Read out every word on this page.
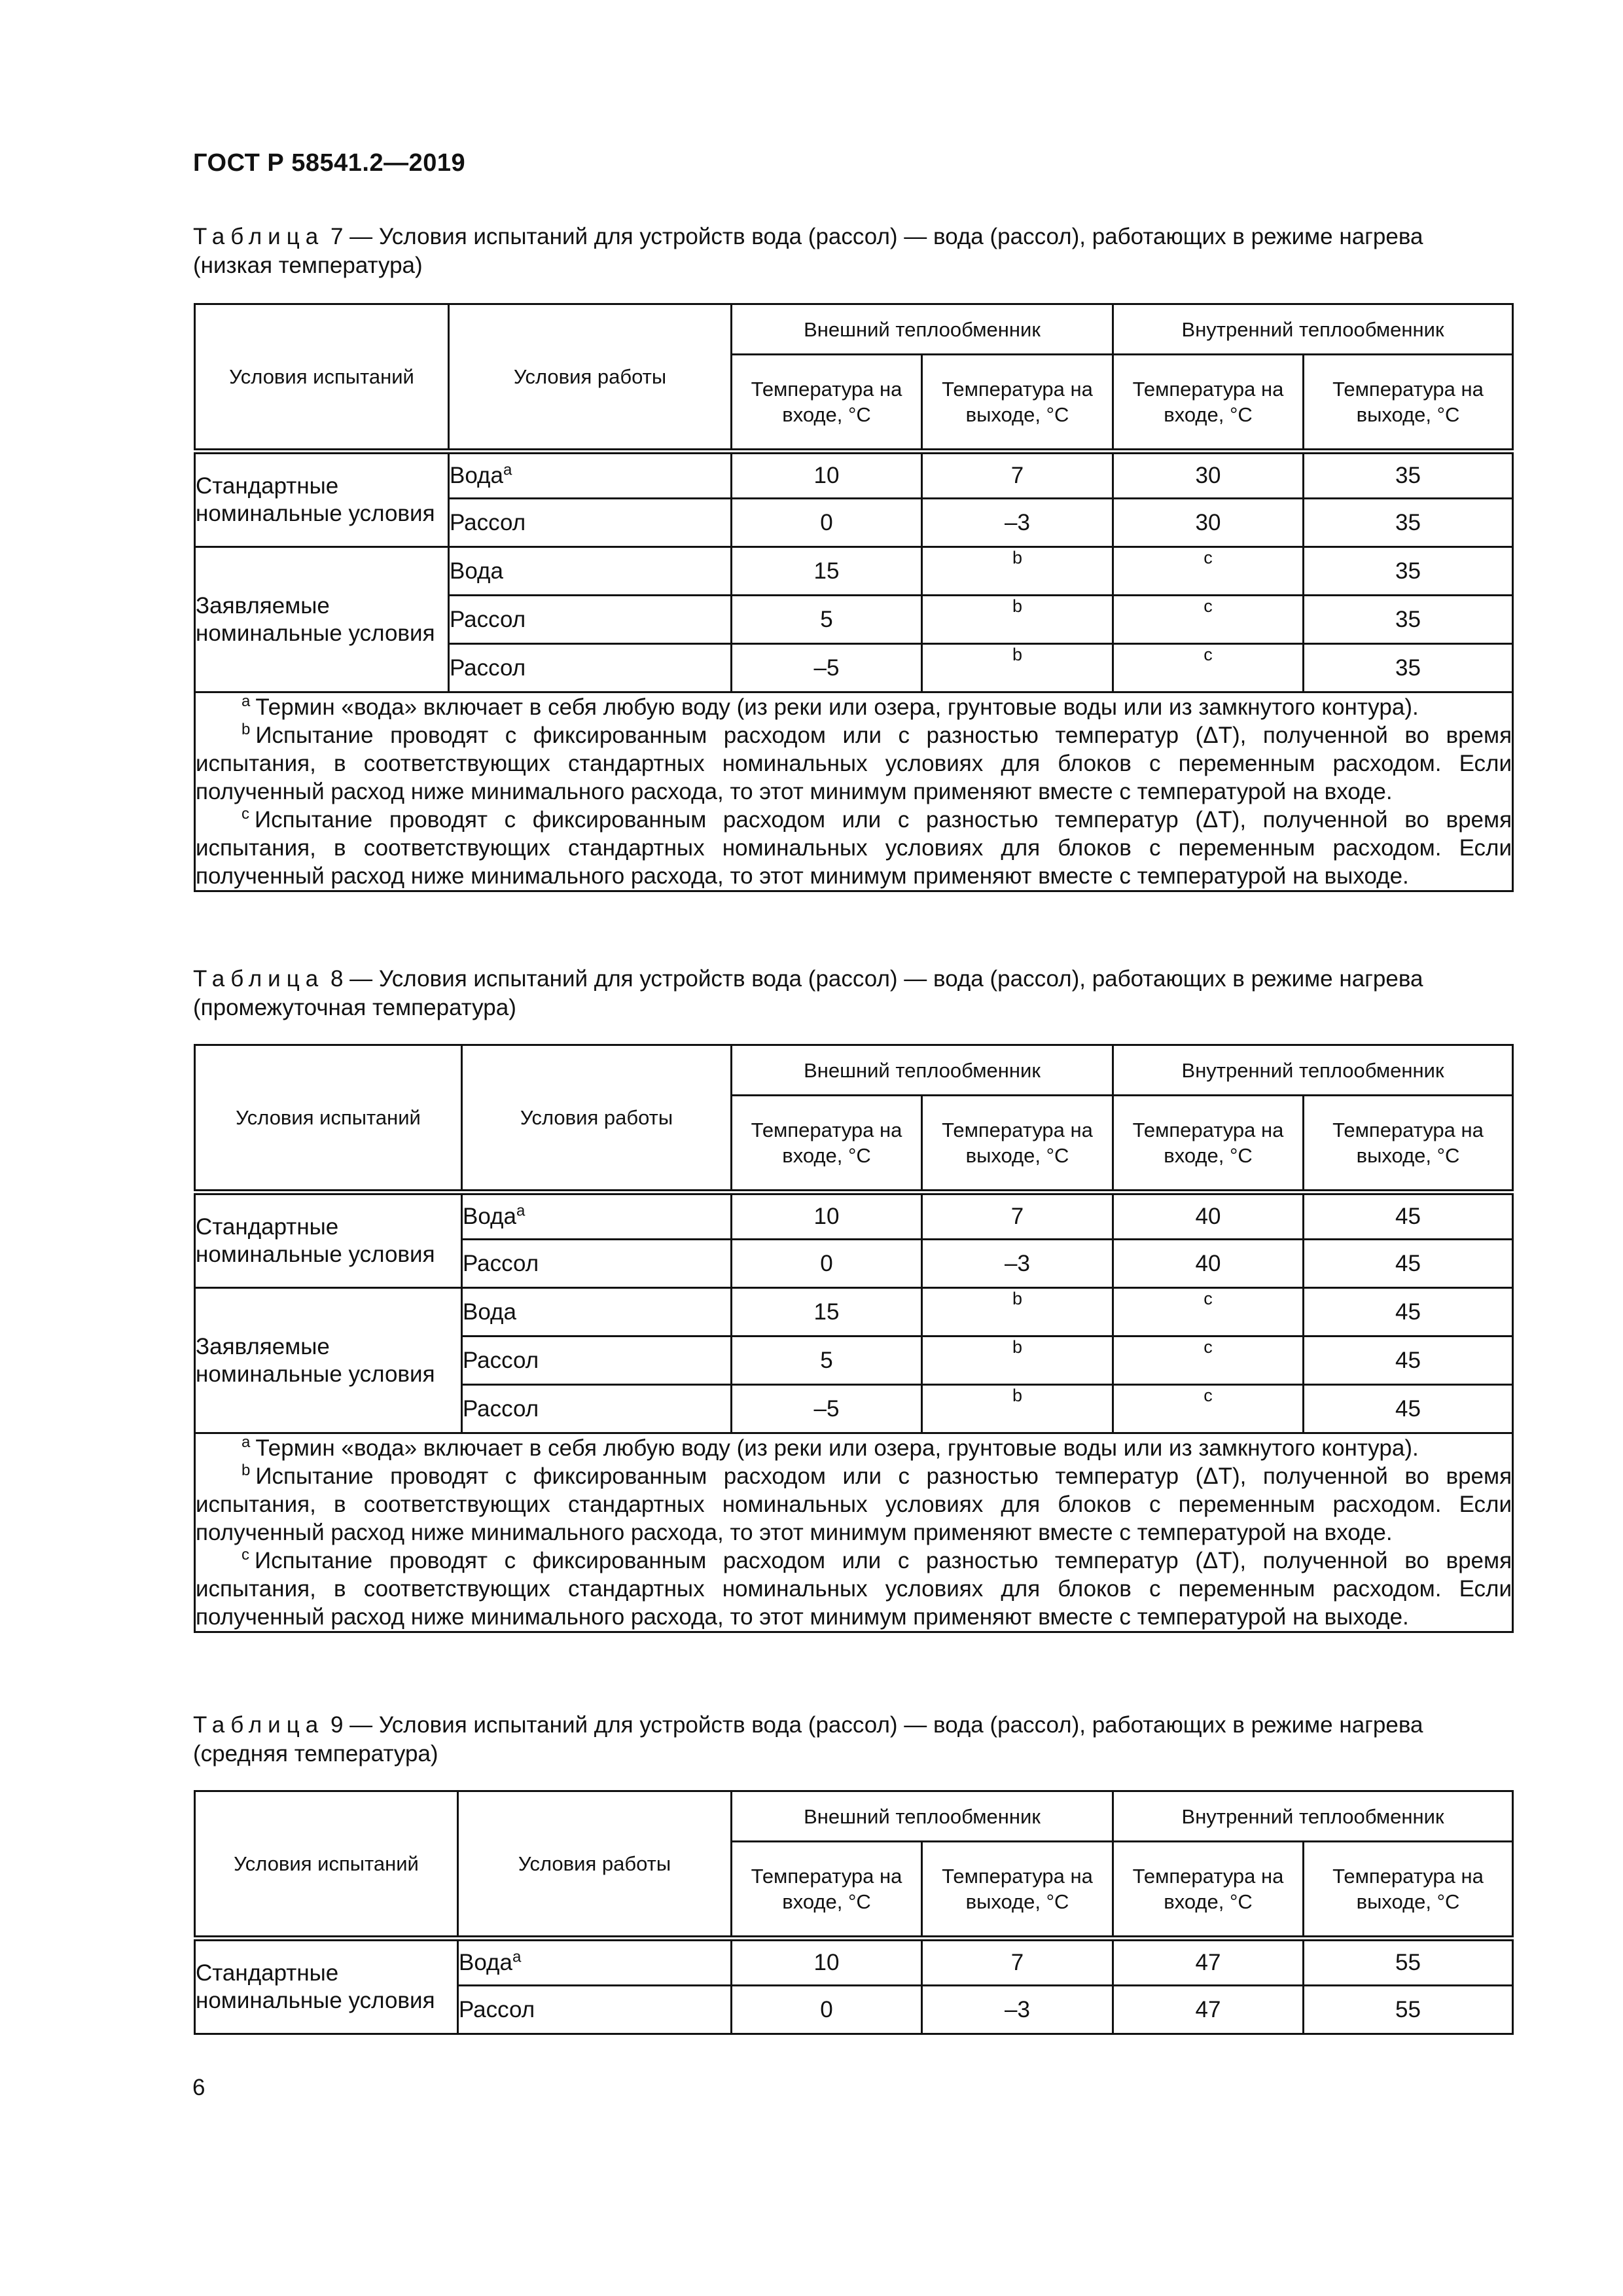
ГОСТ Р 58541.2—2019
Таблица 7 — Условия испытаний для устройств вода (рассол) — вода (рассол), работающих в режиме нагрева (низкая температура)
Условия испытаний	Условия работы	Внешний теплообменник		Внутренний теплообменник	
		Температура на входе, °С	Температура на выходе, °С	Температура на входе, °С	Температура на выходе, °С
Стандартные номинальные условия	Вода$^а$	10	7	30	35
	Рассол	0	–3	30	35
Заявляемые номинальные условия	Вода	15	b	c	35
	Рассол	5	b	c	35
	Рассол	–5	b	c	35

$^а$ Термин «вода» включает в себя любую воду (из реки или озера, грунтовые воды или из замкнутого контура).
$^b$ Испытание проводят с фиксированным расходом или с разностью температур (ΔT), полученной во время испытания, в соответствующих стандартных номинальных условиях для блоков с переменным расходом. Если полученный расход ниже минимального расхода, то этот минимум применяют вместе с температурой на входе.
$^с$ Испытание проводят с фиксированным расходом или с разностью температур (ΔT), полученной во время испытания, в соответствующих стандартных номинальных условиях для блоков с переменным расходом. Если полученный расход ниже минимального расхода, то этот минимум применяют вместе с температурой на выходе.					
Таблица 8 — Условия испытаний для устройств вода (рассол) — вода (рассол), работающих в режиме нагрева (промежуточная температура)
Условия испытаний	Условия работы	Внешний теплообменник		Внутренний теплообменник	
		Температура на входе, °С	Температура на выходе, °С	Температура на входе, °С	Температура на выходе, °С
Стандартные номинальные условия	Вода$^а$	10	7	40	45
	Рассол	0	–3	40	45
Заявляемые номинальные условия	Вода	15	b	c	45
	Рассол	5	b	c	45
	Рассол	–5	b	c	45

$^а$ Термин «вода» включает в себя любую воду (из реки или озера, грунтовые воды или из замкнутого контура).
$^b$ Испытание проводят с фиксированным расходом или с разностью температур (ΔT), полученной во время испытания, в соответствующих стандартных номинальных условиях для блоков с переменным расходом. Если полученный расход ниже минимального расхода, то этот минимум применяют вместе с температурой на входе.
$^с$ Испытание проводят с фиксированным расходом или с разностью температур (ΔT), полученной во время испытания, в соответствующих стандартных номинальных условиях для блоков с переменным расходом. Если полученный расход ниже минимального расхода, то этот минимум применяют вместе с температурой на выходе.					
Таблица 9 — Условия испытаний для устройств вода (рассол) — вода (рассол), работающих в режиме нагрева (средняя температура)
Условия испытаний	Условия работы	Внешний теплообменник		Внутренний теплообменник	
		Температура на входе, °С	Температура на выходе, °С	Температура на входе, °С	Температура на выходе, °С
Стандартные номинальные условия	Вода$^а$	10	7	47	55
	Рассол	0	–3	47	55
6
